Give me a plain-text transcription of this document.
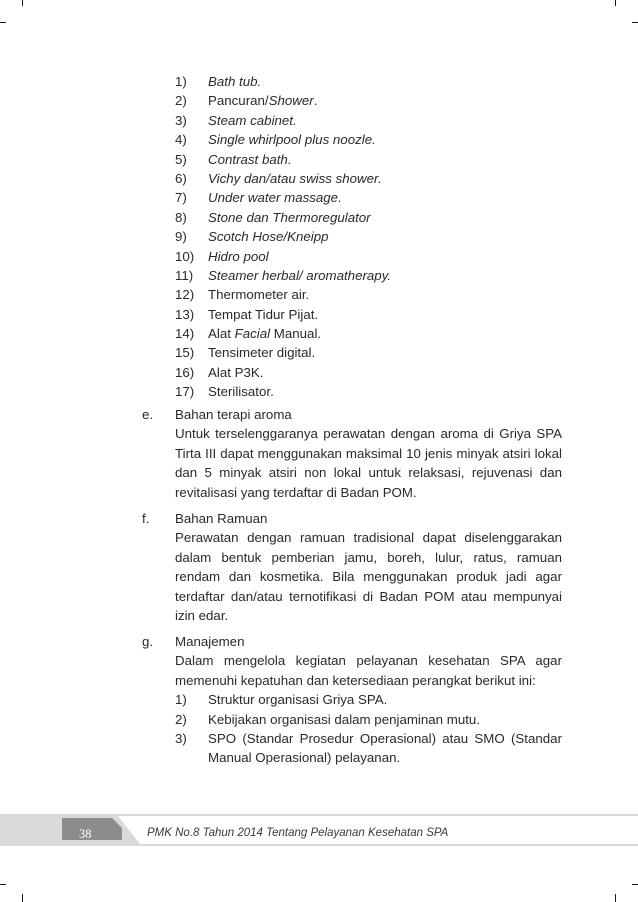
1)	Bath tub.
2)	Pancuran/Shower.
3)	Steam cabinet.
4)	Single whirlpool plus noozle.
5)	Contrast bath.
6)	Vichy dan/atau swiss shower.
7)	Under water massage.
8)	Stone dan Thermoregulator
9)	Scotch Hose/Kneipp
10)	Hidro pool
11)	Steamer herbal/ aromatherapy.
12)	Thermometer air.
13)	Tempat Tidur Pijat.
14)	Alat Facial Manual.
15)	Tensimeter digital.
16)	Alat P3K.
17)	Sterilisator.
e.	Bahan terapi aroma

Untuk terselenggaranya perawatan dengan aroma di Griya SPA Tirta III dapat menggunakan maksimal 10 jenis minyak atsiri lokal dan 5 minyak atsiri non lokal untuk relaksasi, rejuvenasi dan revitalisasi yang terdaftar di Badan POM.

f.	Bahan Ramuan

Perawatan dengan ramuan tradisional dapat diselenggarakan dalam bentuk pemberian jamu, boreh, lulur, ratus, ramuan rendam dan kosmetika. Bila menggunakan produk jadi agar terdaftar dan/atau ternotifikasi di Badan POM atau mempunyai izin edar.

g.	Manajemen

Dalam mengelola kegiatan pelayanan kesehatan SPA agar memenuhi kepatuhan dan ketersediaan perangkat berikut ini:

1)	Struktur organisasi Griya SPA.
2)	Kebijakan organisasi dalam penjaminan mutu.
3)	SPO (Standar Prosedur Operasional) atau SMO (Standar Manual Operasional) pelayanan.
38	PMK No.8 Tahun 2014 Tentang Pelayanan Kesehatan SPA
